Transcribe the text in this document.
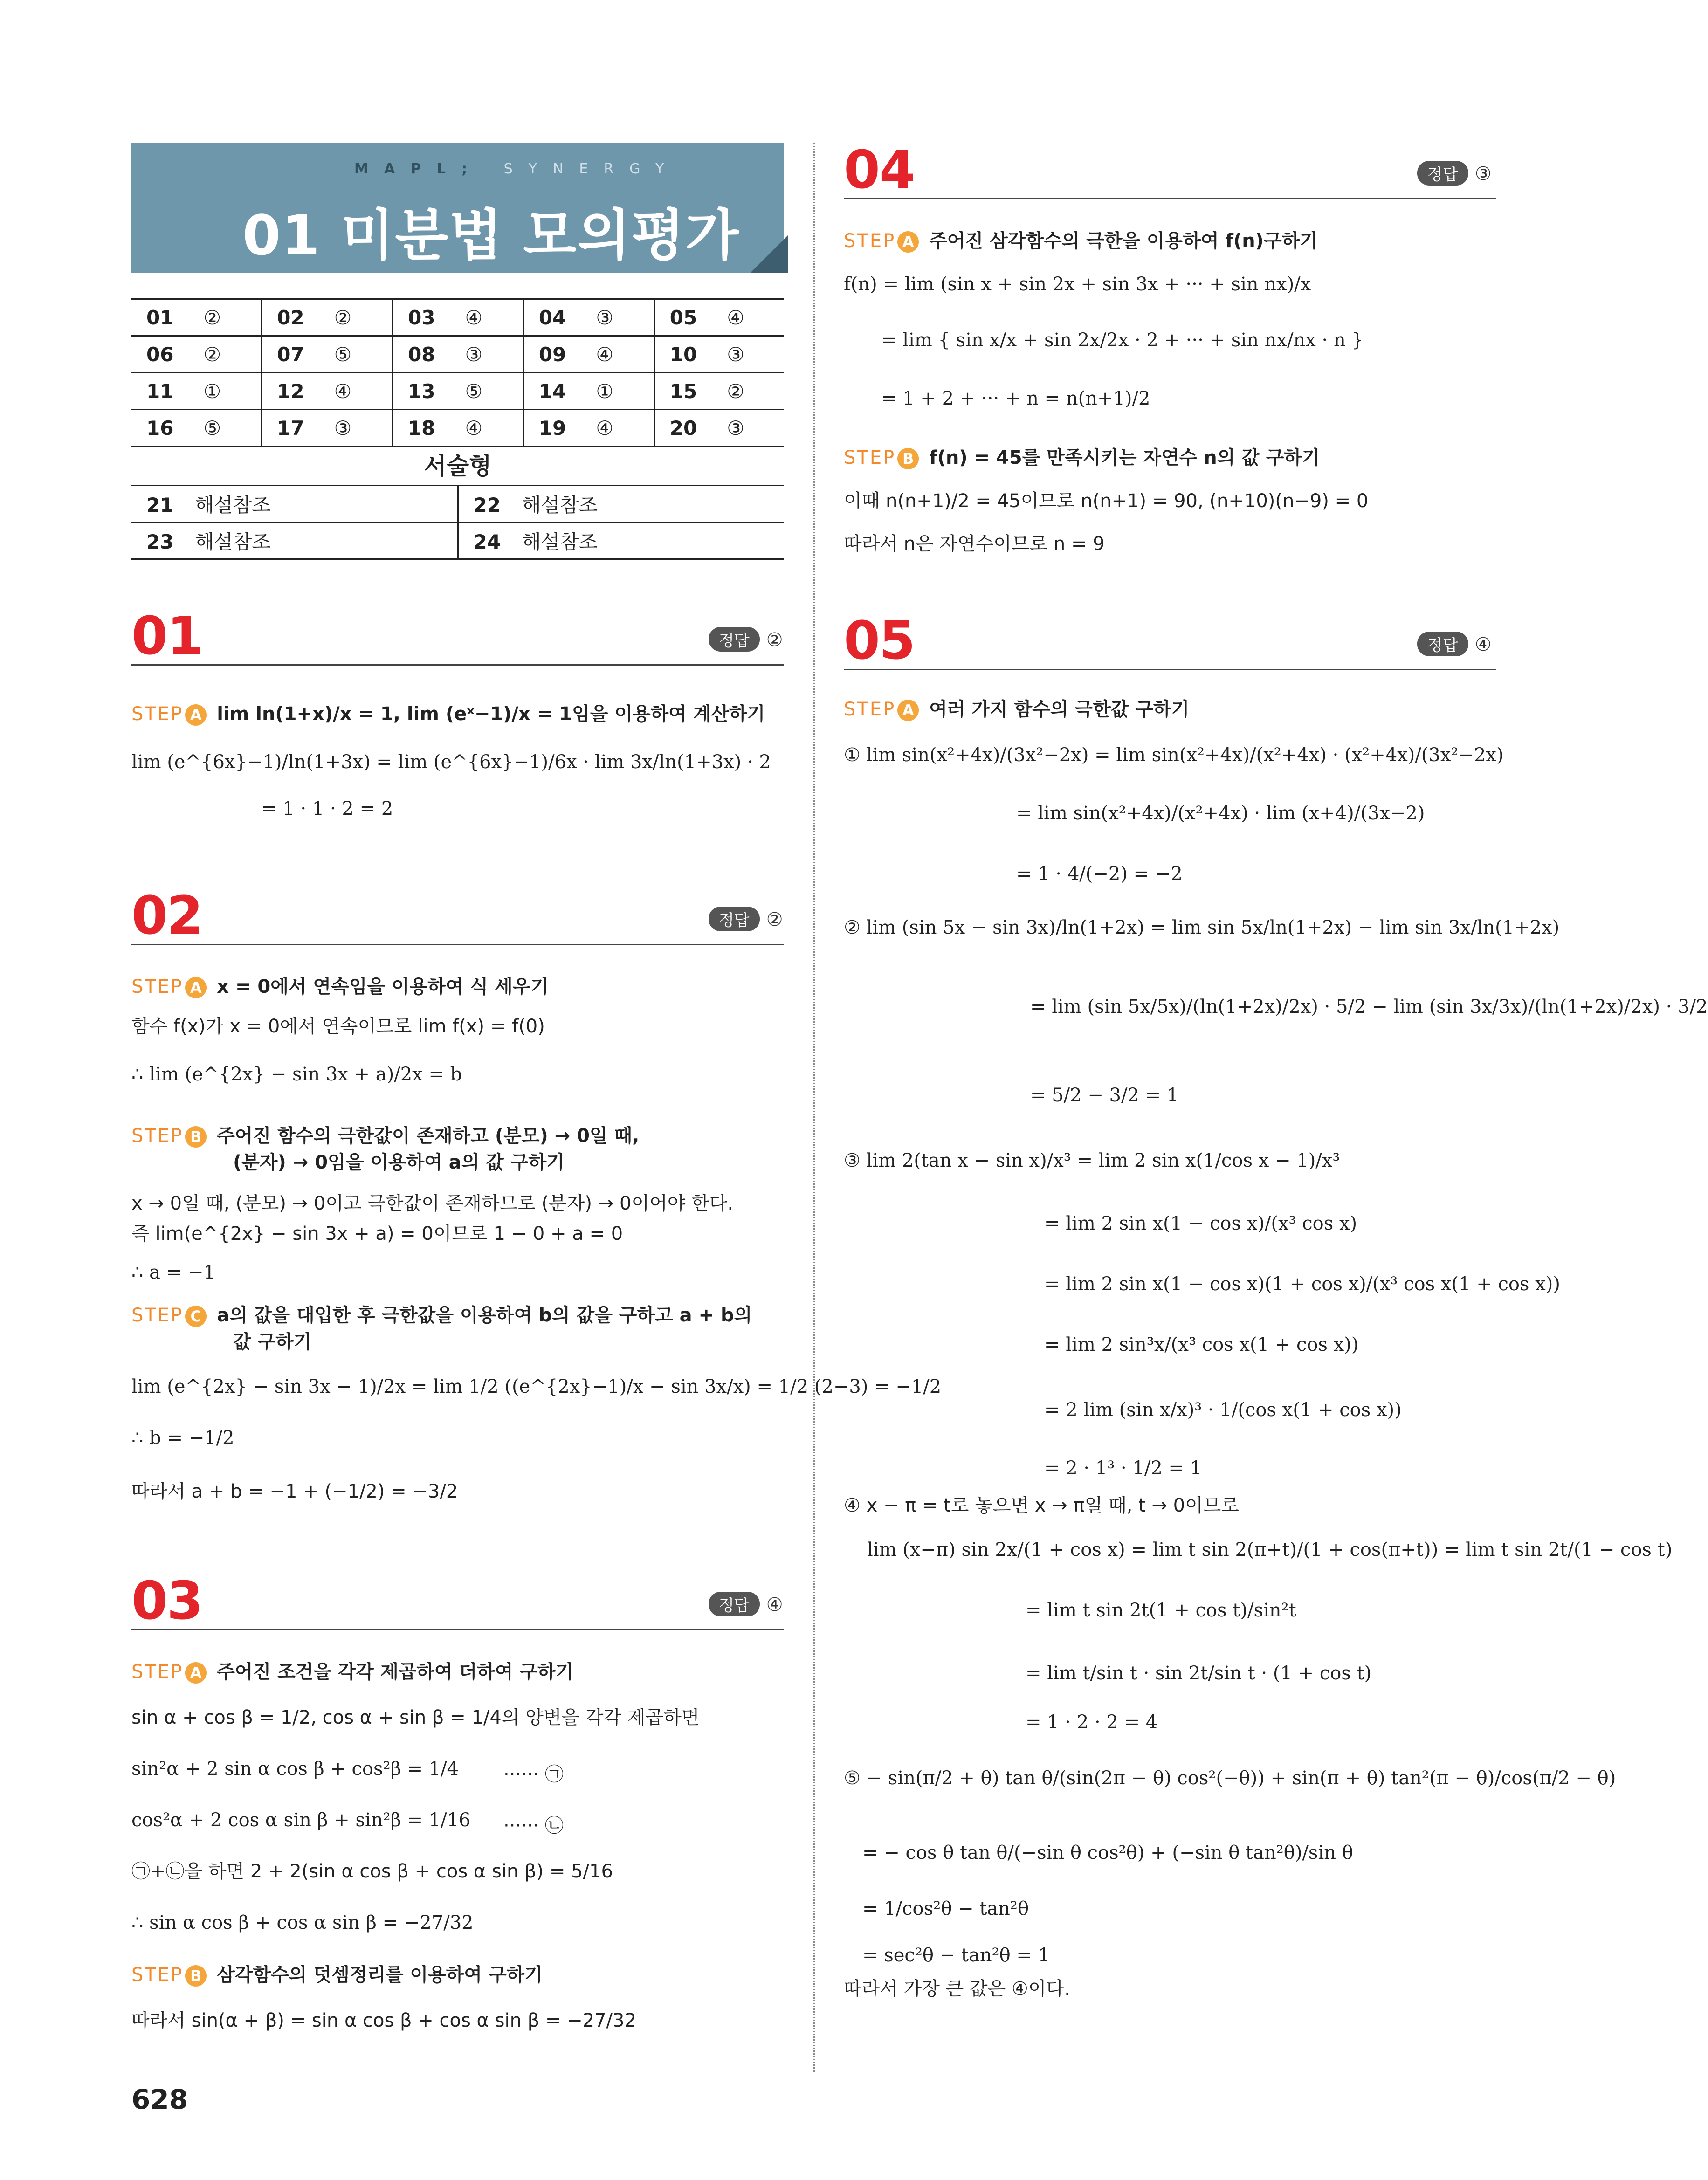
MAPL; SYNERGY
01 미분법 모의평가
01 ②	02 ②	03 ④	04 ③	05 ④
06 ②	07 ⑤	08 ③	09 ④	10 ③
11 ①	12 ④	13 ⑤	14 ①	15 ②
16 ⑤	17 ③	18 ④	19 ④	20 ③
서술형
21 해설참조	22 해설참조
23 해설참조	24 해설참조
01	정답 ②
STEP A lim ln(1+x)/x = 1, lim (eˣ−1)/x = 1임을 이용하여 계산하기
lim (e^{6x}−1)/ln(1+3x) = lim (e^{6x}−1)/6x · lim 3x/ln(1+3x) · 2
= 1 · 1 · 2 = 2
02	정답 ②
STEP A x = 0에서 연속임을 이용하여 식 세우기
함수 f(x)가 x = 0에서 연속이므로 lim f(x) = f(0)
∴ lim (e^{2x} − sin 3x + a)/2x = b
STEP B 주어진 함수의 극한값이 존재하고 (분모) → 0일 때,
(분자) → 0임을 이용하여 a의 값 구하기
x → 0일 때, (분모) → 0이고 극한값이 존재하므로 (분자) → 0이어야 한다.
즉 lim(e^{2x} − sin 3x + a) = 0이므로 1 − 0 + a = 0
∴ a = −1
STEP C a의 값을 대입한 후 극한값을 이용하여 b의 값을 구하고 a + b의
값 구하기
lim (e^{2x} − sin 3x − 1)/2x = lim 1/2 ((e^{2x}−1)/x − sin 3x/x) = 1/2 (2−3) = −1/2
∴ b = −1/2
따라서 a + b = −1 + (−1/2) = −3/2
03	정답 ④
STEP A 주어진 조건을 각각 제곱하여 더하여 구하기
sin α + cos β = 1/2, cos α + sin β = 1/4의 양변을 각각 제곱하면
sin²α + 2 sin α cos β + cos²β = 1/4 ······ ㉠
cos²α + 2 cos α sin β + sin²β = 1/16 ······ ㉡
㉠+㉡을 하면 2 + 2(sin α cos β + cos α sin β) = 5/16
∴ sin α cos β + cos α sin β = −27/32
STEP B 삼각함수의 덧셈정리를 이용하여 구하기
따라서 sin(α + β) = sin α cos β + cos α sin β = −27/32
04	정답 ③
STEP A 주어진 삼각함수의 극한을 이용하여 f(n)구하기
f(n) = lim (sin x + sin 2x + sin 3x + ··· + sin nx)/x
= lim { sin x/x + sin 2x/2x · 2 + ··· + sin nx/nx · n }
= 1 + 2 + ··· + n = n(n+1)/2
STEP B f(n) = 45를 만족시키는 자연수 n의 값 구하기
이때 n(n+1)/2 = 45이므로 n(n+1) = 90, (n+10)(n−9) = 0
따라서 n은 자연수이므로 n = 9
05	정답 ④
STEP A 여러 가지 함수의 극한값 구하기
① lim sin(x²+4x)/(3x²−2x) = lim sin(x²+4x)/(x²+4x) · (x²+4x)/(3x²−2x)
= lim sin(x²+4x)/(x²+4x) · lim (x+4)/(3x−2)
= 1 · 4/(−2) = −2
② lim (sin 5x − sin 3x)/ln(1+2x) = lim sin 5x/ln(1+2x) − lim sin 3x/ln(1+2x)
= lim (sin 5x/5x)/(ln(1+2x)/2x) · 5/2 − lim (sin 3x/3x)/(ln(1+2x)/2x) · 3/2
= 5/2 − 3/2 = 1
③ lim 2(tan x − sin x)/x³ = lim 2 sin x(1/cos x − 1)/x³
= lim 2 sin x(1 − cos x)/(x³ cos x)
= lim 2 sin x(1 − cos x)(1 + cos x)/(x³ cos x(1 + cos x))
= lim 2 sin³x/(x³ cos x(1 + cos x))
= 2 lim (sin x/x)³ · 1/(cos x(1 + cos x))
= 2 · 1³ · 1/2 = 1
④ x − π = t로 놓으면 x → π일 때, t → 0이므로
lim (x−π) sin 2x/(1 + cos x) = lim t sin 2(π+t)/(1 + cos(π+t)) = lim t sin 2t/(1 − cos t)
= lim t sin 2t(1 + cos t)/sin²t
= lim t/sin t · sin 2t/sin t · (1 + cos t)
= 1 · 2 · 2 = 4
⑤ − sin(π/2 + θ) tan θ/(sin(2π − θ) cos²(−θ)) + sin(π + θ) tan²(π − θ)/cos(π/2 − θ)
= − cos θ tan θ/(−sin θ cos²θ) + (−sin θ tan²θ)/sin θ
= 1/cos²θ − tan²θ
= sec²θ − tan²θ = 1
따라서 가장 큰 값은 ④이다.
628
